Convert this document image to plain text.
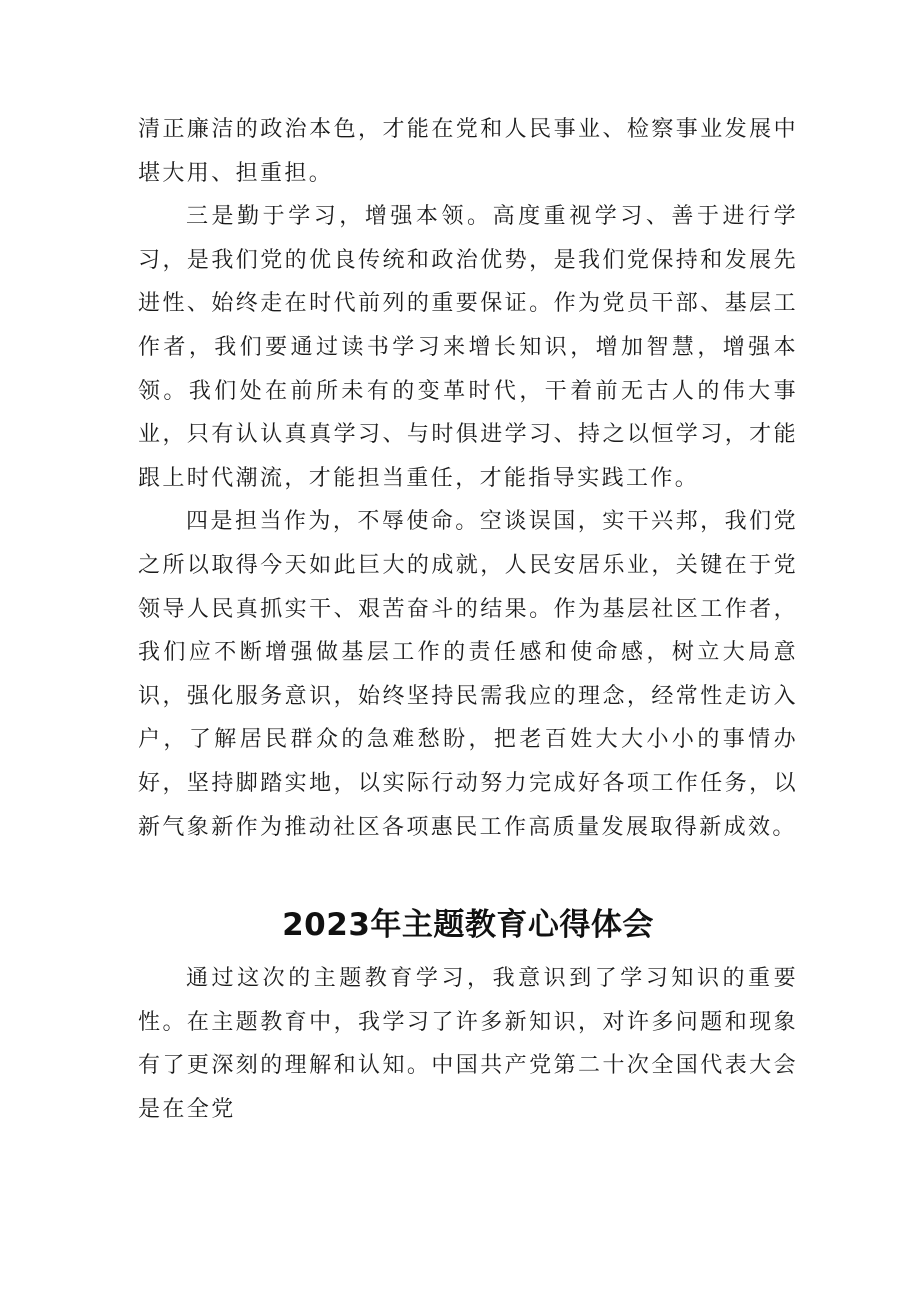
清正廉洁的政治本色，才能在党和人民事业、检察事业发展中堪大用、担重担。

三是勤于学习，增强本领。高度重视学习、善于进行学习，是我们党的优良传统和政治优势，是我们党保持和发展先进性、始终走在时代前列的重要保证。作为党员干部、基层工作者，我们要通过读书学习来增长知识，增加智慧，增强本领。我们处在前所未有的变革时代，干着前无古人的伟大事业，只有认认真真学习、与时俱进学习、持之以恒学习，才能跟上时代潮流，才能担当重任，才能指导实践工作。

四是担当作为，不辱使命。空谈误国，实干兴邦，我们党之所以取得今天如此巨大的成就，人民安居乐业，关键在于党领导人民真抓实干、艰苦奋斗的结果。作为基层社区工作者，我们应不断增强做基层工作的责任感和使命感，树立大局意识，强化服务意识，始终坚持民需我应的理念，经常性走访入户，了解居民群众的急难愁盼，把老百姓大大小小的事情办好，坚持脚踏实地，以实际行动努力完成好各项工作任务，以新气象新作为推动社区各项惠民工作高质量发展取得新成效。

2023年主题教育心得体会

通过这次的主题教育学习，我意识到了学习知识的重要性。在主题教育中，我学习了许多新知识，对许多问题和现象有了更深刻的理解和认知。中国共产党第二十次全国代表大会是在全党
